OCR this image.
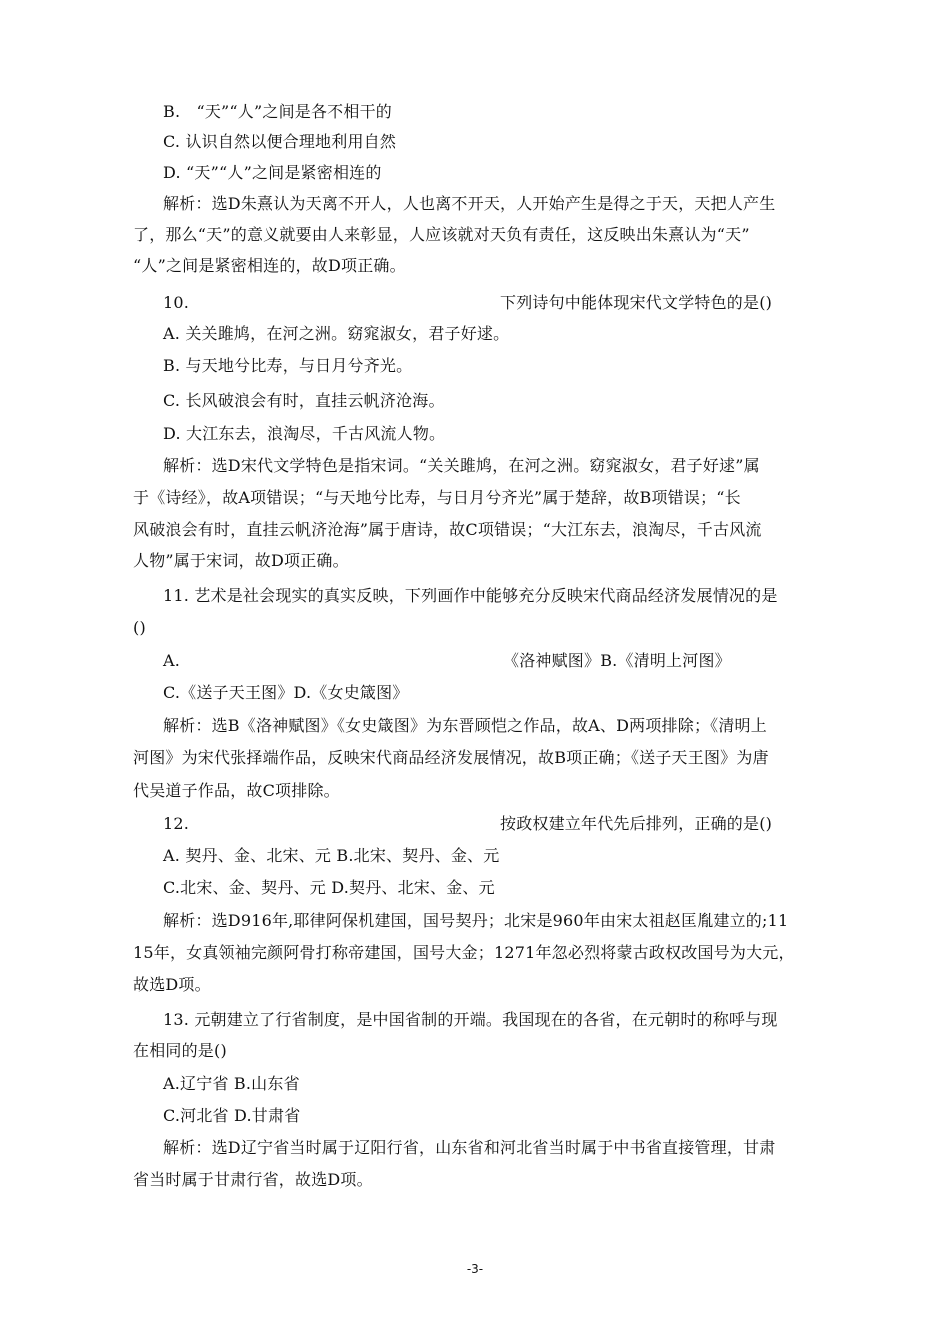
B.　“天”“人”之间是各不相干的
C. 认识自然以便合理地利用自然
D. “天”“人”之间是紧密相连的
解析：选D朱熹认为天离不开人，人也离不开天，人开始产生是得之于天，天把人产生
了，那么“天”的意义就要由人来彰显，人应该就对天负有责任，这反映出朱熹认为“天”
“人”之间是紧密相连的，故D项正确。
10.	下列诗句中能体现宋代文学特色的是()
A. 关关雎鸠，在河之洲。窈窕淑女，君子好逑。
B. 与天地兮比寿，与日月兮齐光。
C. 长风破浪会有时，直挂云帆济沧海。
D. 大江东去，浪淘尽，千古风流人物。
解析：选D宋代文学特色是指宋词。“关关雎鸠，在河之洲。窈窕淑女，君子好逑”属
于《诗经》，故A项错误；“与天地兮比寿，与日月兮齐光”属于楚辞，故B项错误；“长
风破浪会有时，直挂云帆济沧海”属于唐诗，故C项错误；“大江东去，浪淘尽，千古风流
人物”属于宋词，故D项正确。
11. 艺术是社会现实的真实反映，下列画作中能够充分反映宋代商品经济发展情况的是
()
A.	《洛神赋图》B.《清明上河图》
C.《送子天王图》D.《女史箴图》
解析：选B《洛神赋图》《女史箴图》为东晋顾恺之作品，故A、D两项排除；《清明上
河图》为宋代张择端作品，反映宋代商品经济发展情况，故B项正确；《送子天王图》为唐
代吴道子作品，故C项排除。
12.	按政权建立年代先后排列，正确的是()
A. 契丹、金、北宋、元 B.北宋、契丹、金、元
C.北宋、金、契丹、元 D.契丹、北宋、金、元
解析：选D916年,耶律阿保机建国，国号契丹；北宋是960年由宋太祖赵匡胤建立的;11
15年，女真领袖完颜阿骨打称帝建国，国号大金；1271年忽必烈将蒙古政权改国号为大元，
故选D项。
13. 元朝建立了行省制度，是中国省制的开端。我国现在的各省，在元朝时的称呼与现
在相同的是()
A.辽宁省 B.山东省
C.河北省 D.甘肃省
解析：选D辽宁省当时属于辽阳行省，山东省和河北省当时属于中书省直接管理，甘肃
省当时属于甘肃行省，故选D项。
-3-
